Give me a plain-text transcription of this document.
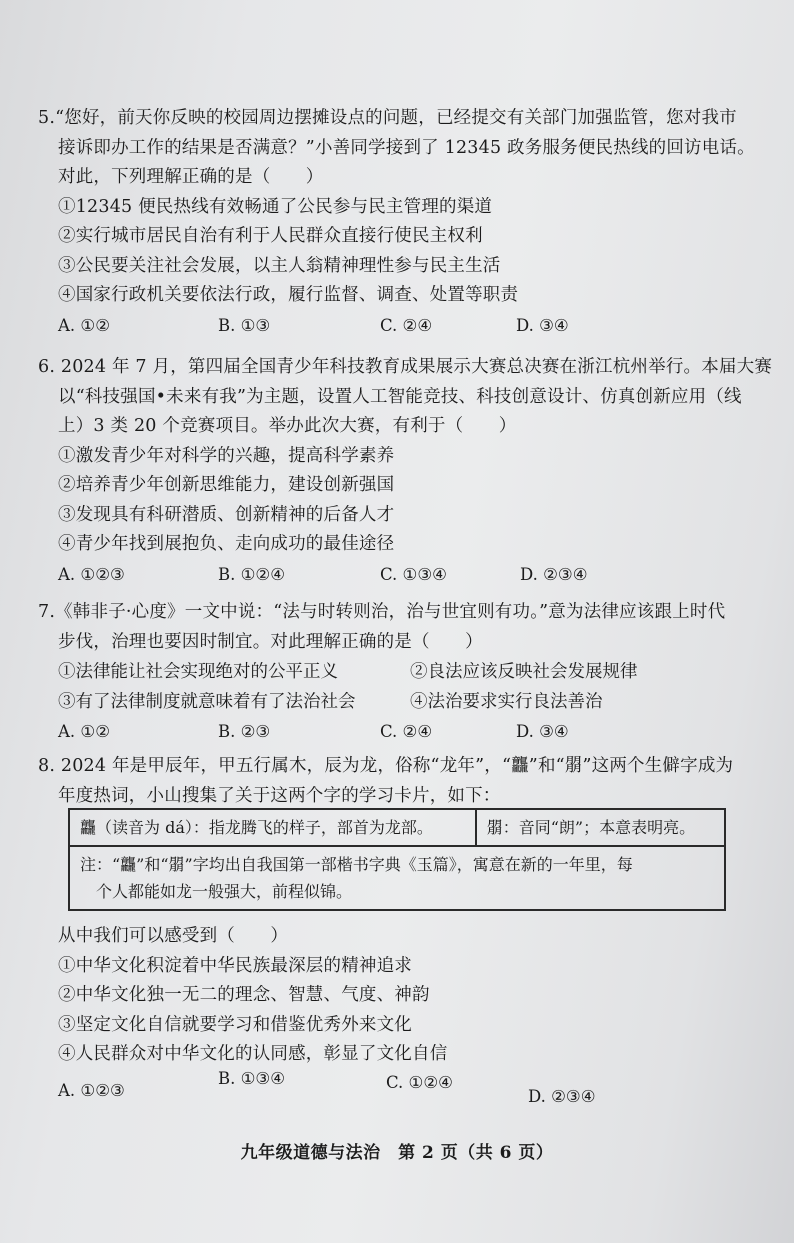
5.“您好，前天你反映的校园周边摆摊设点的问题，已经提交有关部门加强监管，您对我市
接诉即办工作的结果是否满意？”小善同学接到了 12345 政务服务便民热线的回访电话。
对此，下列理解正确的是（　　）
①12345 便民热线有效畅通了公民参与民主管理的渠道
②实行城市居民自治有利于人民群众直接行使民主权利
③公民要关注社会发展，以主人翁精神理性参与民主生活
④国家行政机关要依法行政，履行监督、调查、处置等职责
A. ①②	B. ①③	C. ②④	D. ③④
6. 2024 年 7 月，第四届全国青少年科技教育成果展示大赛总决赛在浙江杭州举行。本届大赛
以“科技强国•未来有我”为主题，设置人工智能竞技、科技创意设计、仿真创新应用（线
上）3 类 20 个竞赛项目。举办此次大赛，有利于（　　）
①激发青少年对科学的兴趣，提高科学素养
②培养青少年创新思维能力，建设创新强国
③发现具有科研潜质、创新精神的后备人才
④青少年找到展抱负、走向成功的最佳途径
A. ①②③	B. ①②④	C. ①③④	D. ②③④
7.《韩非子·心度》一文中说：“法与时转则治，治与世宜则有功。”意为法律应该跟上时代
步伐，治理也要因时制宜。对此理解正确的是（　　）
①法律能让社会实现绝对的公平正义	②良法应该反映社会发展规律
③有了法律制度就意味着有了法治社会	④法治要求实行良法善治
A. ①②	B. ②③	C. ②④	D. ③④
8. 2024 年是甲辰年，甲五行属木，辰为龙，俗称“龙年”，“龘”和“朤”这两个生僻字成为
年度热词，小山搜集了关于这两个字的学习卡片，如下：
龘（读音为 dá）：指龙腾飞的样子，部首为龙部。	朤：音同“朗”；本意表明亮。

注：“龘”和“朤”字均出自我国第一部楷书字典《玉篇》，寓意在新的一年里，每
个人都能如龙一般强大，前程似锦。
从中我们可以感受到（　　）
①中华文化积淀着中华民族最深层的精神追求
②中华文化独一无二的理念、智慧、气度、神韵
③坚定文化自信就要学习和借鉴优秀外来文化
④人民群众对中华文化的认同感，彰显了文化自信
A. ①②③
B. ①③④	C. ①②④
D. ②③④
九年级道德与法治　第 2 页（共 6 页）
